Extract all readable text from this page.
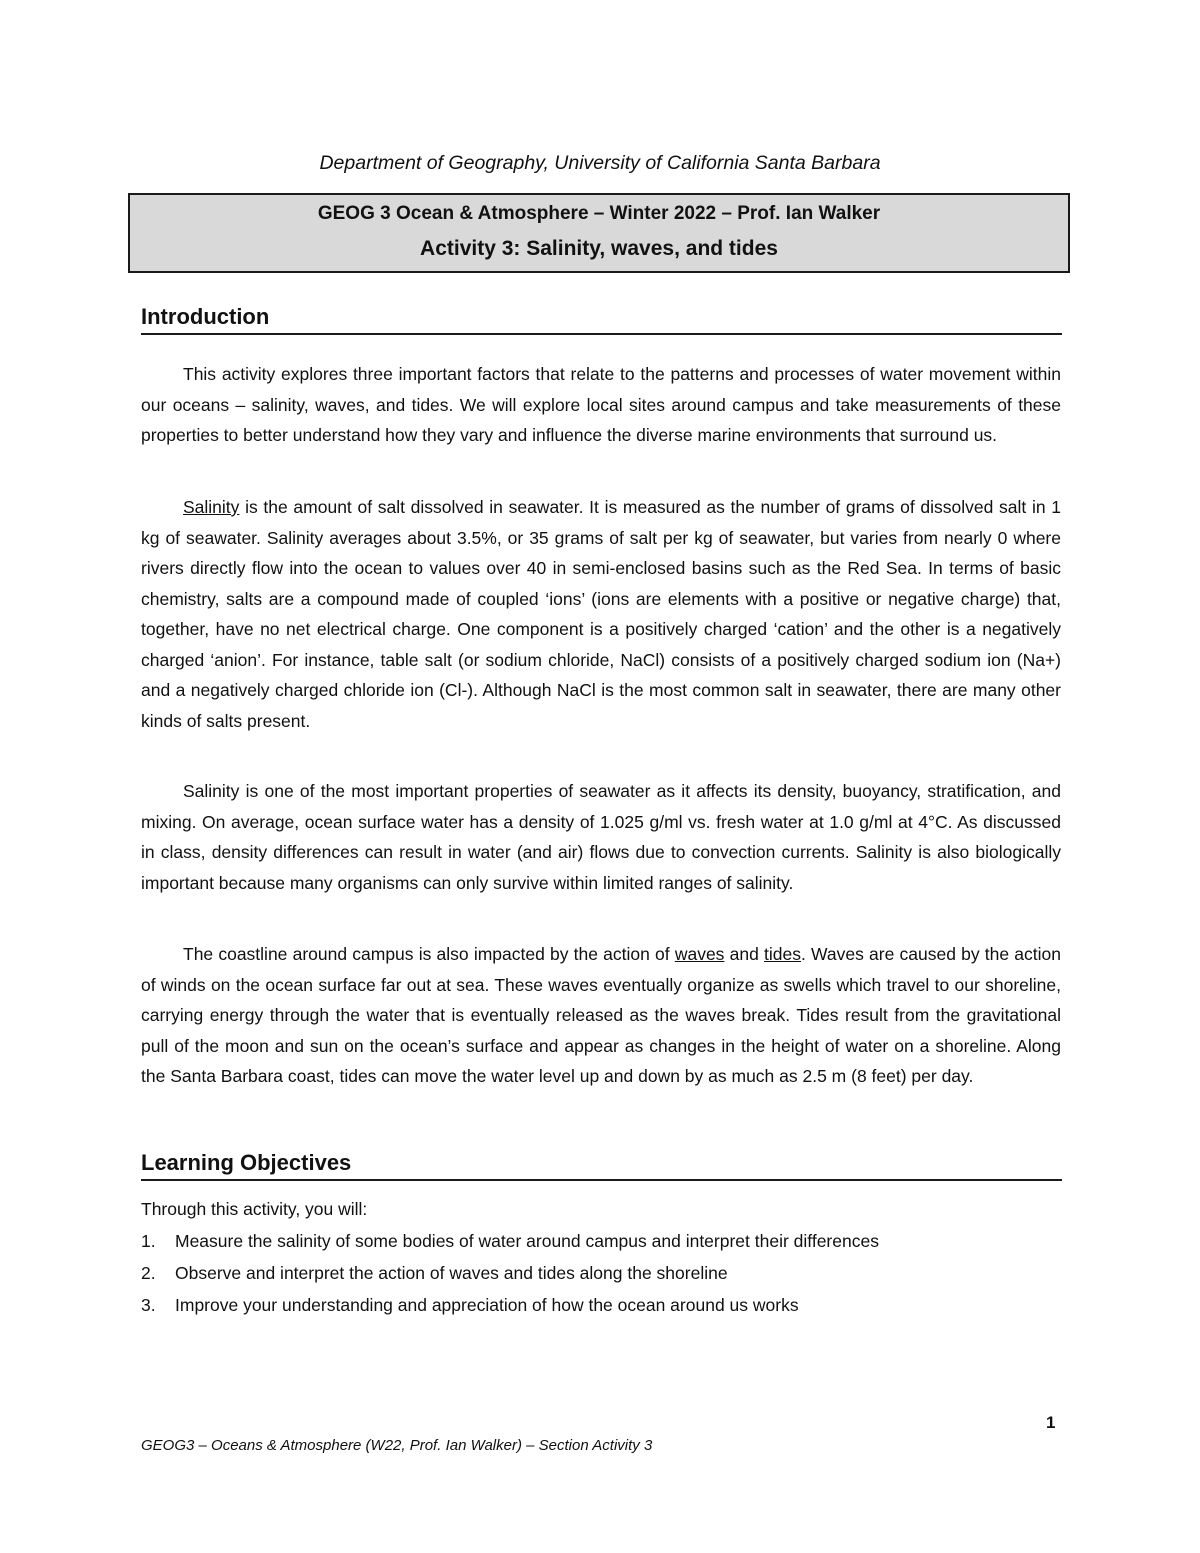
Department of Geography, University of California Santa Barbara
GEOG 3 Ocean & Atmosphere – Winter 2022 – Prof. Ian Walker
Activity 3: Salinity, waves, and tides
Introduction

This activity explores three important factors that relate to the patterns and processes of water movement within our oceans – salinity, waves, and tides. We will explore local sites around campus and take measurements of these properties to better understand how they vary and influence the diverse marine environments that surround us.

Salinity is the amount of salt dissolved in seawater. It is measured as the number of grams of dissolved salt in 1 kg of seawater. Salinity averages about 3.5%, or 35 grams of salt per kg of seawater, but varies from nearly 0 where rivers directly flow into the ocean to values over 40 in semi-enclosed basins such as the Red Sea. In terms of basic chemistry, salts are a compound made of coupled ‘ions’ (ions are elements with a positive or negative charge) that, together, have no net electrical charge. One component is a positively charged ‘cation’ and the other is a negatively charged ‘anion’. For instance, table salt (or sodium chloride, NaCl) consists of a positively charged sodium ion (Na+) and a negatively charged chloride ion (Cl-). Although NaCl is the most common salt in seawater, there are many other kinds of salts present.

Salinity is one of the most important properties of seawater as it affects its density, buoyancy, stratification, and mixing. On average, ocean surface water has a density of 1.025 g/ml vs. fresh water at 1.0 g/ml at 4°C. As discussed in class, density differences can result in water (and air) flows due to convection currents. Salinity is also biologically important because many organisms can only survive within limited ranges of salinity.

The coastline around campus is also impacted by the action of waves and tides. Waves are caused by the action of winds on the ocean surface far out at sea. These waves eventually organize as swells which travel to our shoreline, carrying energy through the water that is eventually released as the waves break. Tides result from the gravitational pull of the moon and sun on the ocean’s surface and appear as changes in the height of water on a shoreline. Along the Santa Barbara coast, tides can move the water level up and down by as much as 2.5 m (8 feet) per day.

Learning Objectives
Through this activity, you will:
1. Measure the salinity of some bodies of water around campus and interpret their differences
2. Observe and interpret the action of waves and tides along the shoreline
3. Improve your understanding and appreciation of how the ocean around us works
1
GEOG3 – Oceans & Atmosphere (W22, Prof. Ian Walker) – Section Activity 3
